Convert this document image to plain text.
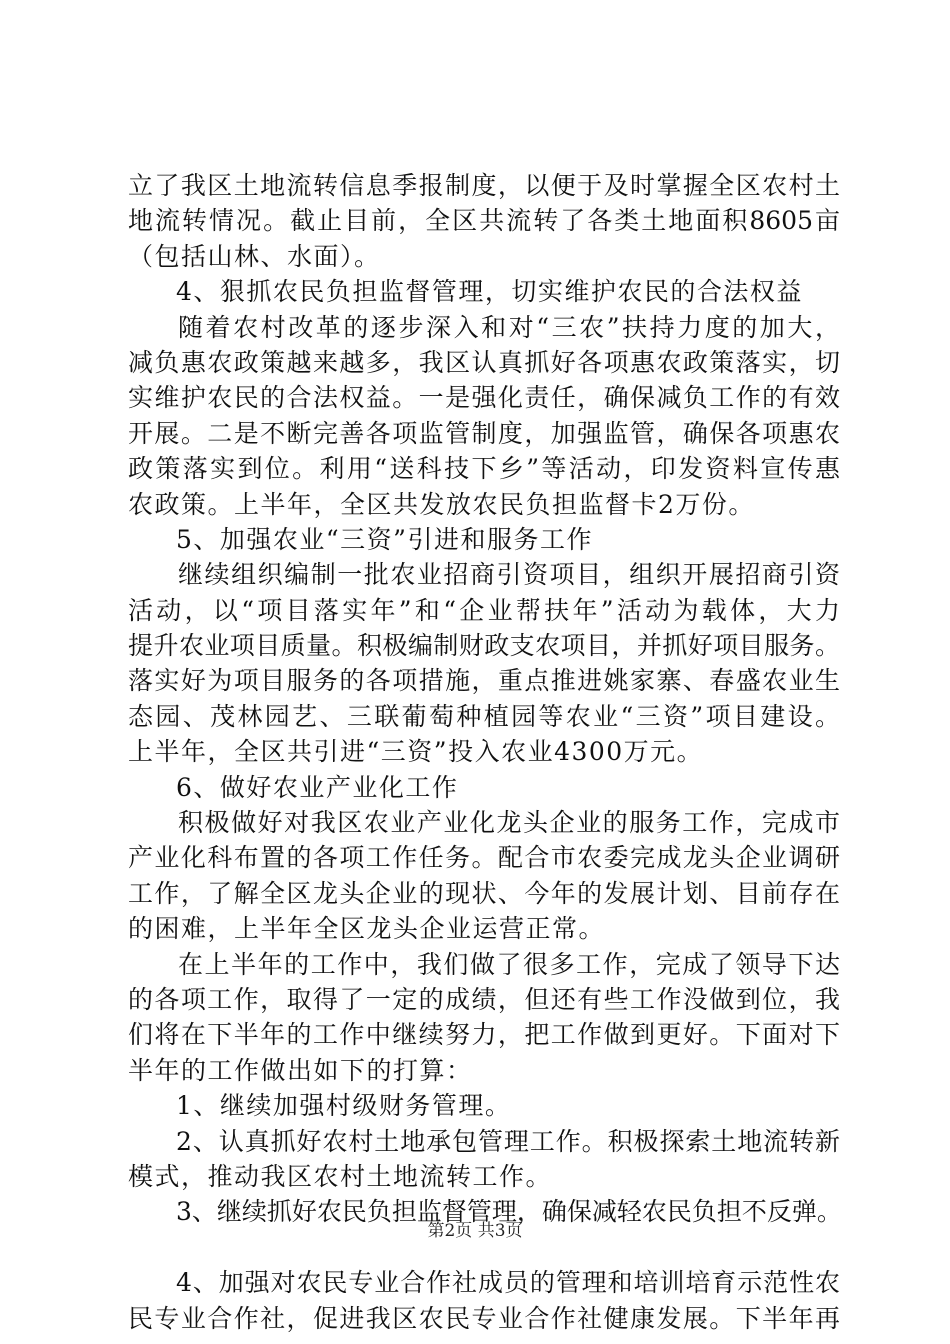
立了我区土地流转信息季报制度，以便于及时掌握全区农村土
地流转情况。截止目前，全区共流转了各类土地面积8605亩
（包括山林、水面）。
4、狠抓农民负担监督管理，切实维护农民的合法权益
随着农村改革的逐步深入和对“三农”扶持力度的加大，
减负惠农政策越来越多，我区认真抓好各项惠农政策落实，切
实维护农民的合法权益。一是强化责任，确保减负工作的有效
开展。二是不断完善各项监管制度，加强监管，确保各项惠农
政策落实到位。利用“送科技下乡”等活动，印发资料宣传惠
农政策。上半年，全区共发放农民负担监督卡2万份。
5、加强农业“三资”引进和服务工作
继续组织编制一批农业招商引资项目，组织开展招商引资
活动，以“项目落实年”和“企业帮扶年”活动为载体，大力
提升农业项目质量。积极编制财政支农项目，并抓好项目服务。
落实好为项目服务的各项措施，重点推进姚家寨、春盛农业生
态园、茂林园艺、三联葡萄种植园等农业“三资”项目建设。
上半年，全区共引进“三资”投入农业4300万元。
6、做好农业产业化工作
积极做好对我区农业产业化龙头企业的服务工作，完成市
产业化科布置的各项工作任务。配合市农委完成龙头企业调研
工作，了解全区龙头企业的现状、今年的发展计划、目前存在
的困难，上半年全区龙头企业运营正常。
在上半年的工作中，我们做了很多工作，完成了领导下达
的各项工作，取得了一定的成绩，但还有些工作没做到位，我
们将在下半年的工作中继续努力，把工作做到更好。下面对下
半年的工作做出如下的打算：
1、继续加强村级财务管理。
2、认真抓好农村土地承包管理工作。积极探索土地流转新
模式，推动我区农村土地流转工作。
3、继续抓好农民负担监督管理，确保减轻农民负担不反弹。
4、加强对农民专业合作社成员的管理和培训培育示范性农
民专业合作社，促进我区农民专业合作社健康发展。下半年再
第2页 共3页
